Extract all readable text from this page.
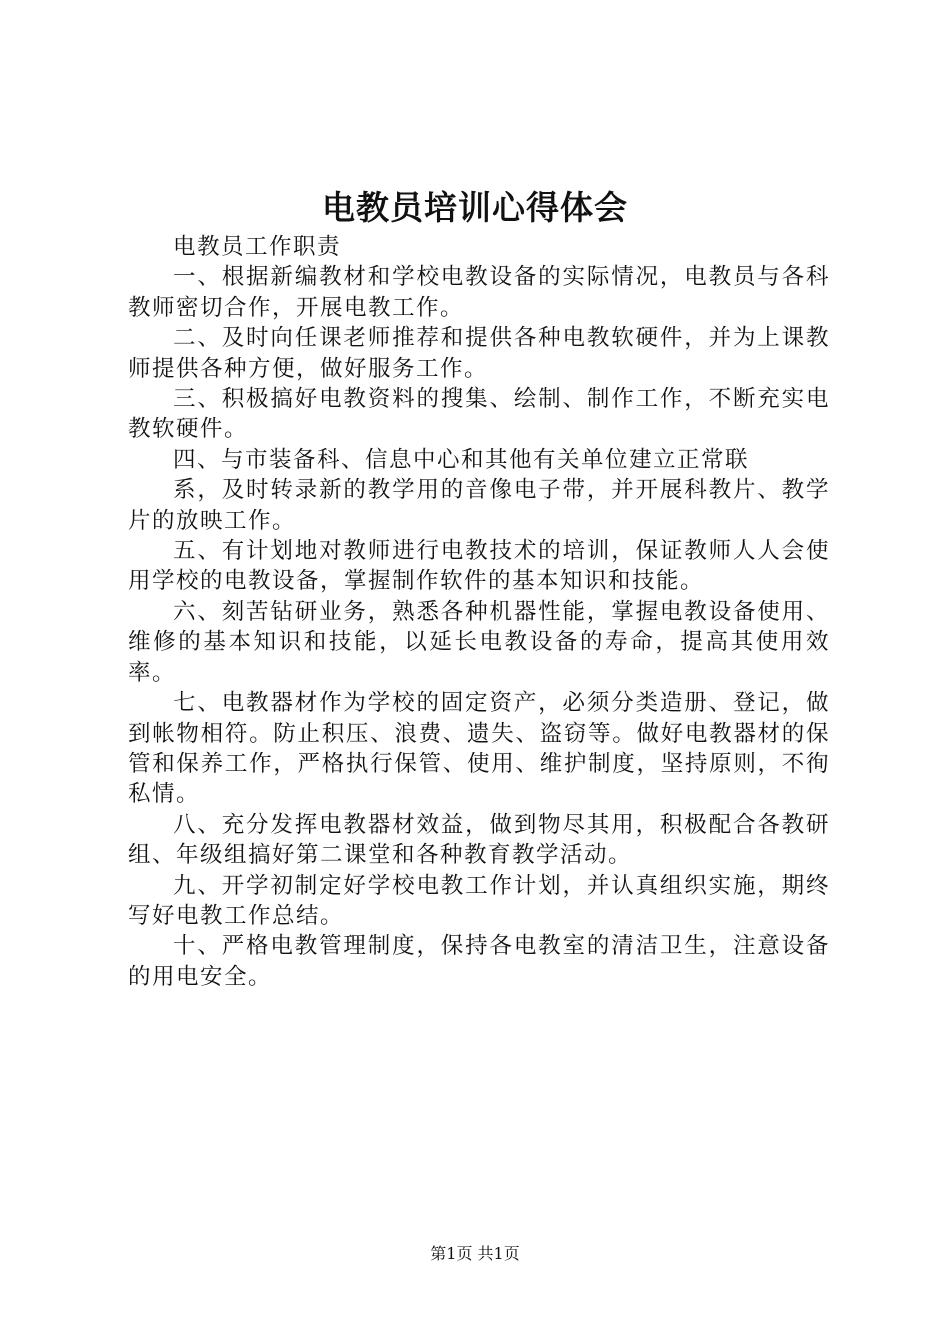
电教员培训心得体会

电教员工作职责

一、根据新编教材和学校电教设备的实际情况，电教员与各科教师密切合作，开展电教工作。

二、及时向任课老师推荐和提供各种电教软硬件，并为上课教师提供各种方便，做好服务工作。

三、积极搞好电教资料的搜集、绘制、制作工作，不断充实电教软硬件。

四、与市装备科、信息中心和其他有关单位建立正常联

系，及时转录新的教学用的音像电子带，并开展科教片、教学片的放映工作。

五、有计划地对教师进行电教技术的培训，保证教师人人会使用学校的电教设备，掌握制作软件的基本知识和技能。

六、刻苦钻研业务，熟悉各种机器性能，掌握电教设备使用、维修的基本知识和技能，以延长电教设备的寿命，提高其使用效率。

七、电教器材作为学校的固定资产，必须分类造册、登记，做到帐物相符。防止积压、浪费、遗失、盗窃等。做好电教器材的保管和保养工作，严格执行保管、使用、维护制度，坚持原则，不徇私情。

八、充分发挥电教器材效益，做到物尽其用，积极配合各教研组、年级组搞好第二课堂和各种教育教学活动。

九、开学初制定好学校电教工作计划，并认真组织实施，期终写好电教工作总结。

十、严格电教管理制度，保持各电教室的清洁卫生，注意设备的用电安全。

第1页 共1页
